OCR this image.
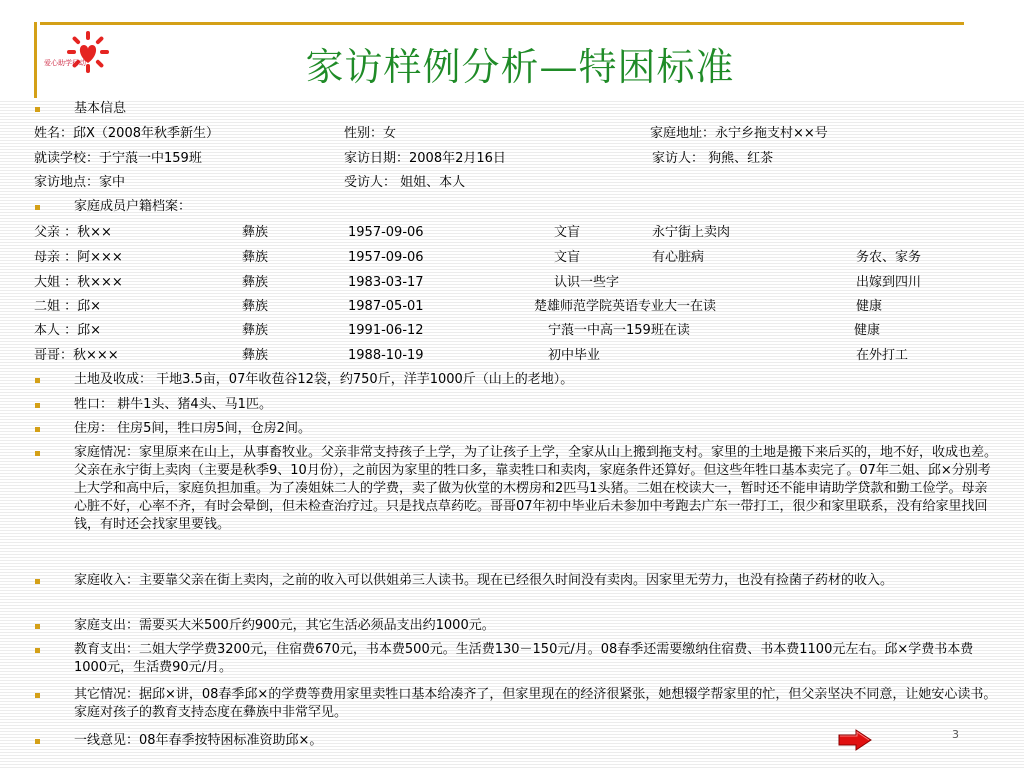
爱心助学行动	家访样例分析—特困标准
基本信息
姓名：邱X（2008年秋季新生）	性别：女	家庭地址：永宁乡拖支村××号
就读学校：于宁蒗一中159班	家访日期：2008年2月16日	家访人： 狗熊、红茶
家访地点：家中	受访人： 姐姐、本人
家庭成员户籍档案：
父亲 ：秋××	彝族	1957-09-06	文盲	永宁街上卖肉
母亲 ：阿×××	彝族	1957-09-06	文盲	有心脏病	务农、家务
大姐 ：秋×××	彝族	1983-03-17	认识一些字	出嫁到四川
二姐 ：邱×	彝族	1987-05-01	楚雄师范学院英语专业大一在读	健康
本人 ：邱×	彝族	1991-06-12	宁蒗一中高一159班在读	健康
哥哥：秋×××	彝族	1988-10-19	初中毕业	在外打工
土地及收成： 干地3.5亩，07年收苞谷12袋，约750斤，洋芋1000斤（山上的老地）。
牲口： 耕牛1头、猪4头、马1匹。
住房： 住房5间，牲口房5间，仓房2间。
家庭情况：家里原来在山上，从事畜牧业。父亲非常支持孩子上学，为了让孩子上学，全家从山上搬到拖支村。家里的土地是搬下来后买的，地不好，收成也差。父亲在永宁街上卖肉（主要是秋季9、10月份），之前因为家里的牲口多，靠卖牲口和卖肉，家庭条件还算好。但这些年牲口基本卖完了。07年二姐、邱×分别考上大学和高中后，家庭负担加重。为了凑姐妹二人的学费，卖了做为伙堂的木楞房和2匹马1头猪。二姐在校读大一，暂时还不能申请助学贷款和勤工俭学。母亲心脏不好，心率不齐，有时会晕倒，但未检查治疗过。只是找点草药吃。哥哥07年初中毕业后未参加中考跑去广东一带打工，很少和家里联系，没有给家里找回钱，有时还会找家里要钱。
家庭收入：主要靠父亲在街上卖肉，之前的收入可以供姐弟三人读书。现在已经很久时间没有卖肉。因家里无劳力，也没有捡菌子药材的收入。
家庭支出：需要买大米500斤约900元，其它生活必须品支出约1000元。
教育支出：二姐大学学费3200元，住宿费670元，书本费500元。生活费130－150元/月。08春季还需要缴纳住宿费、书本费1100元左右。邱×学费书本费1000元，生活费90元/月。
其它情况：据邱×讲，08春季邱×的学费等费用家里卖牲口基本给凑齐了，但家里现在的经济很紧张，她想辍学帮家里的忙，但父亲坚决不同意，让她安心读书。家庭对孩子的教育支持态度在彝族中非常罕见。
一线意见：08年春季按特困标准资助邱×。	3
